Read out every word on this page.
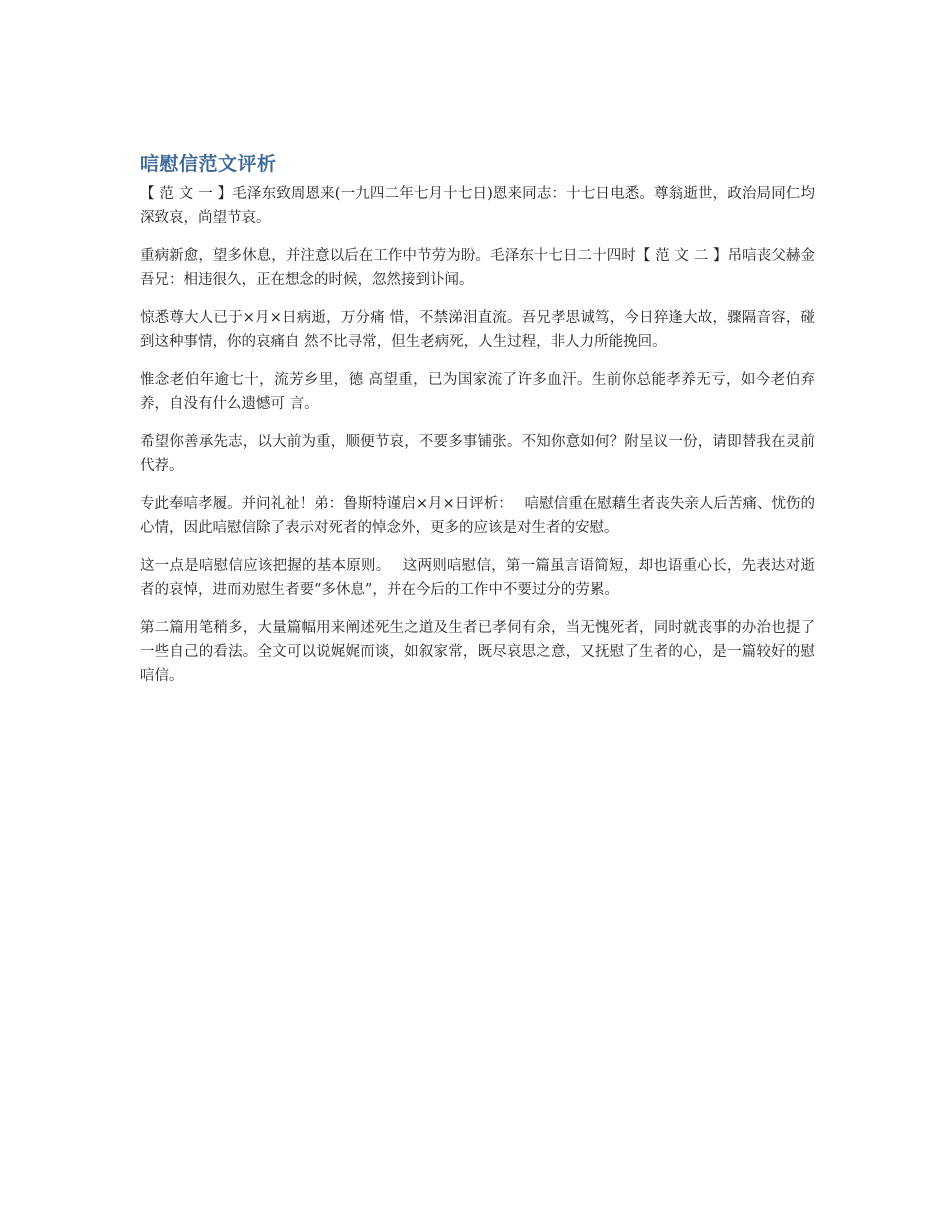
唁慰信范文评析

【 范 文 一 】毛泽东致周恩来(一九四二年七月十七日)恩来同志：十七日电悉。尊翁逝世，政治局同仁均深致哀，尚望节哀。

重病新愈，望多休息，并注意以后在工作中节劳为盼。毛泽东十七日二十四时【 范 文 二 】吊唁丧父赫金吾兄：相违很久，正在想念的时候，忽然接到讣闻。

惊悉尊大人已于×月×日病逝，万分痛 惜，不禁涕泪直流。吾兄孝思诚笃，今日猝逢大故，骤隔音容，碰到这种事情，你的哀痛自 然不比寻常，但生老病死，人生过程，非人力所能挽回。

惟念老伯年逾七十，流芳乡里，德 高望重，已为国家流了许多血汗。生前你总能孝养无亏，如今老伯弃养，自没有什么遗憾可 言。

希望你善承先志，以大前为重，顺便节哀，不要多事铺张。不知你意如何？附呈议一份，请即替我在灵前代荐。

专此奉唁孝履。并问礼祉！弟：鲁斯特谨启×月×日评析：　 唁慰信重在慰藉生者丧失亲人后苦痛、忧伤的心情，因此唁慰信除了表示对死者的悼念外，更多的应该是对生者的安慰。

这一点是唁慰信应该把握的基本原则。　 这两则唁慰信，第一篇虽言语简短，却也语重心长，先表达对逝者的哀悼，进而劝慰生者要“多休息”，并在今后的工作中不要过分的劳累。

第二篇用笔稍多，大量篇幅用来阐述死生之道及生者已孝伺有余，当无愧死者，同时就丧事的办治也提了一些自己的看法。全文可以说娓娓而谈，如叙家常，既尽哀思之意，又抚慰了生者的心，是一篇较好的慰唁信。
